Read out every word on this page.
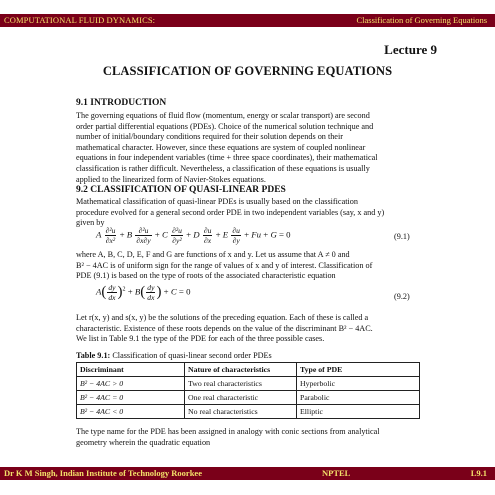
COMPUTATIONAL FLUID DYNAMICS:	Classification of Governing Equations
Lecture 9
CLASSIFICATION OF GOVERNING EQUATIONS
9.1 INTRODUCTION
The governing equations of fluid flow (momentum, energy or scalar transport) are second
order partial differential equations (PDEs). Choice of the numerical solution technique and
number of initial/boundary conditions required for their solution depends on their
mathematical character. However, since these equations are system of coupled nonlinear
equations in four independent variables (time + three space coordinates), their mathematical
classification is rather difficult. Nevertheless, a classification of these equations is usually
applied to the linearized form of Navier-Stokes equations.
9.2 CLASSIFICATION OF QUASI-LINEAR PDES
Mathematical classification of quasi-linear PDEs is usually based on the classification
procedure evolved for a general second order PDE in two independent variables (say, x and y)
given by
A $\frac{\text{∂²u}}{\text{∂x²}} + B \frac{\text{∂²u}}{\partial x\partial y} + C \frac{\text{∂²u}}{\text{∂y²}} + D \frac{\partial u}{\partial x} + E \frac{\partial u}{\partial y} + Fu + G = 0$	(9.1)
where A, B, C, D, E, F and G are functions of x and y. Let us assume that A ≠ 0 and
B² − 4AC is of uniform sign for the range of values of x and y of interest. Classification of
PDE (9.1) is based on the type of roots of the associated characteristic equation
$A( \frac{dy}{dx} )^2 + B( \frac{dy}{dx}$ ) + C = 0	(9.2)
Let r(x, y) and s(x, y) be the solutions of the preceding equation. Each of these is called a
characteristic. Existence of these roots depends on the value of the discriminant B² − 4AC.
We list in Table 9.1 the type of the PDE for each of the three possible cases.
Table 9.1: Classification of quasi-linear second order PDEs
Discriminant	Nature of characteristics	Type of PDE
B² − 4AC > 0	Two real characteristics	Hyperbolic
B² − 4AC = 0	One real characteristic	Parabolic
B² − 4AC < 0	No real characteristics	Elliptic
The type name for the PDE has been assigned in analogy with conic sections from analytical
geometry wherein the quadratic equation
Dr K M Singh, Indian Institute of Technology Roorkee	NPTEL	L9.1
